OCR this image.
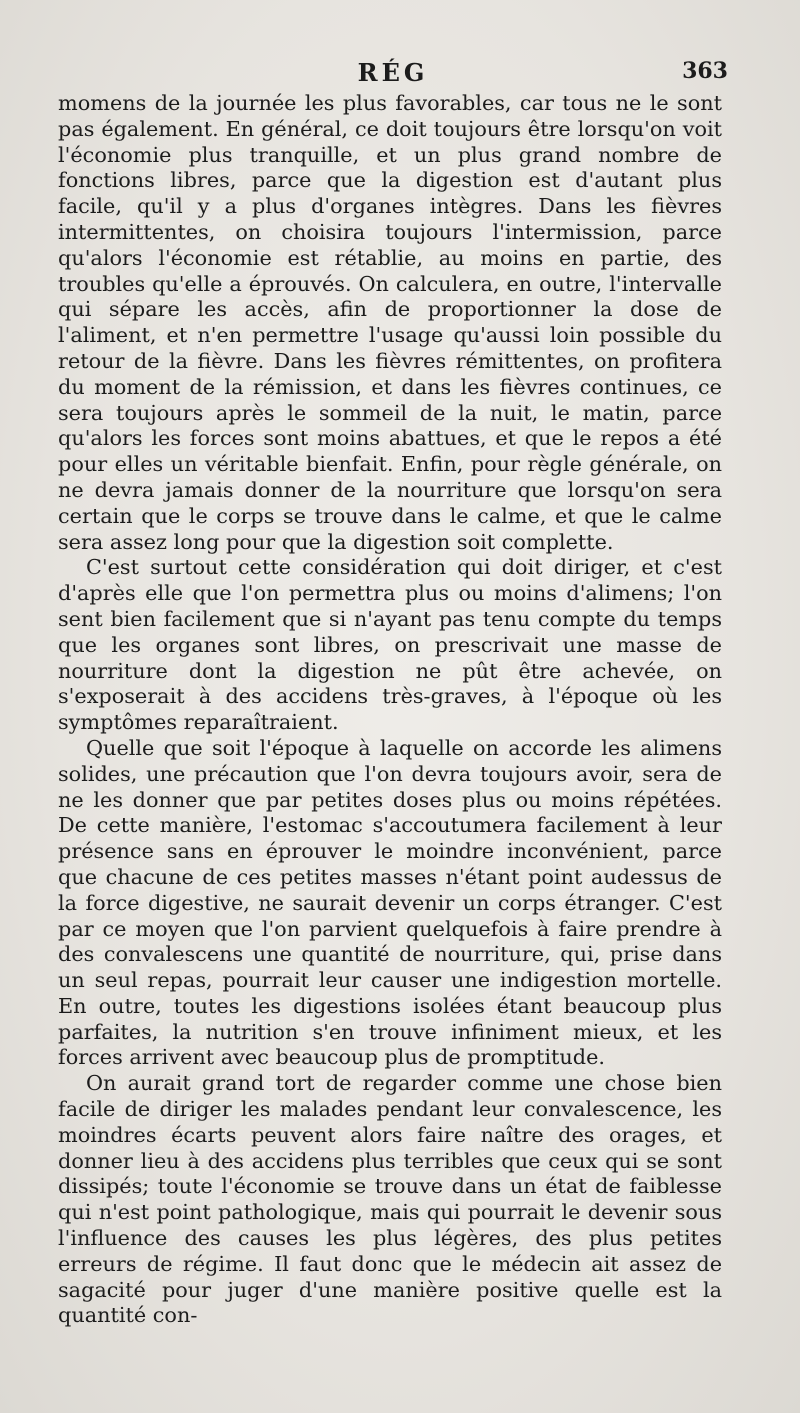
RÉG	363

momens de la journée les plus favorables, car tous ne le sont pas également. En général, ce doit toujours être lorsqu'on voit l'économie plus tranquille, et un plus grand nombre de fonctions libres, parce que la digestion est d'autant plus facile, qu'il y a plus d'organes intègres. Dans les fièvres intermittentes, on choisira toujours l'intermission, parce qu'alors l'économie est rétablie, au moins en partie, des troubles qu'elle a éprouvés. On calculera, en outre, l'intervalle qui sépare les accès, afin de proportionner la dose de l'aliment, et n'en permettre l'usage qu'aussi loin possible du retour de la fièvre. Dans les fièvres rémittentes, on profitera du moment de la rémission, et dans les fièvres continues, ce sera toujours après le sommeil de la nuit, le matin, parce qu'alors les forces sont moins abattues, et que le repos a été pour elles un véritable bienfait. Enfin, pour règle générale, on ne devra jamais donner de la nourriture que lorsqu'on sera certain que le corps se trouve dans le calme, et que le calme sera assez long pour que la digestion soit complette.

C'est surtout cette considération qui doit diriger, et c'est d'après elle que l'on permettra plus ou moins d'alimens; l'on sent bien facilement que si n'ayant pas tenu compte du temps que les organes sont libres, on prescrivait une masse de nourriture dont la digestion ne pût être achevée, on s'exposerait à des accidens très-graves, à l'époque où les symptômes reparaîtraient.

Quelle que soit l'époque à laquelle on accorde les alimens solides, une précaution que l'on devra toujours avoir, sera de ne les donner que par petites doses plus ou moins répétées. De cette manière, l'estomac s'accoutumera facilement à leur présence sans en éprouver le moindre inconvénient, parce que chacune de ces petites masses n'étant point audessus de la force digestive, ne saurait devenir un corps étranger. C'est par ce moyen que l'on parvient quelquefois à faire prendre à des convalescens une quantité de nourriture, qui, prise dans un seul repas, pourrait leur causer une indigestion mortelle. En outre, toutes les digestions isolées étant beaucoup plus parfaites, la nutrition s'en trouve infiniment mieux, et les forces arrivent avec beaucoup plus de promptitude.

On aurait grand tort de regarder comme une chose bien facile de diriger les malades pendant leur convalescence, les moindres écarts peuvent alors faire naître des orages, et donner lieu à des accidens plus terribles que ceux qui se sont dissipés; toute l'économie se trouve dans un état de faiblesse qui n'est point pathologique, mais qui pourrait le devenir sous l'influence des causes les plus légères, des plus petites erreurs de régime. Il faut donc que le médecin ait assez de sagacité pour juger d'une manière positive quelle est la quantité con-
